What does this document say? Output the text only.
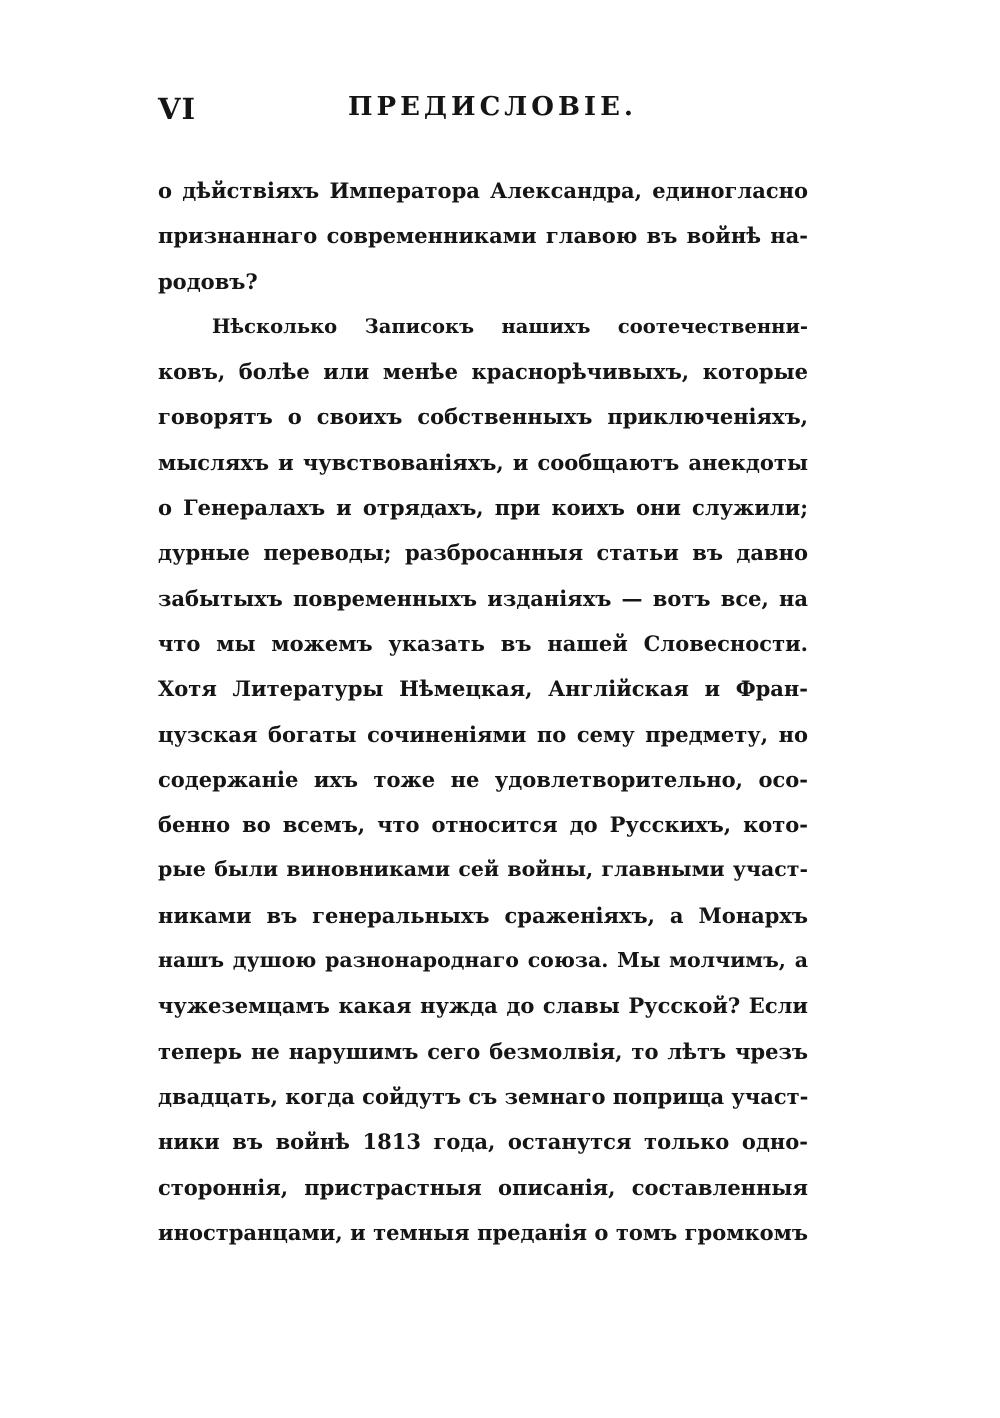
VI	ПРЕДИСЛОВІЕ.
о дѣйствіяхъ Императора Александра, единогласно
признаннаго современниками главою въ войнѣ на-
родовъ?
Нѣсколько Записокъ нашихъ соотечественни-
ковъ, болѣе или менѣе краснорѣчивыхъ, которые
говорятъ о своихъ собственныхъ приключеніяхъ,
мысляхъ и чувствованіяхъ, и сообщаютъ анекдоты
о Генералахъ и отрядахъ, при коихъ они служили;
дурные переводы; разбросанныя статьи въ давно
забытыхъ повременныхъ изданіяхъ — вотъ все, на
что мы можемъ указать въ нашей Словесности.
Хотя Литературы Нѣмецкая, Англійская и Фран-
цузская богаты сочиненіями по сему предмету, но
содержаніе ихъ тоже не удовлетворительно, осо-
бенно во всемъ, что относится до Русскихъ, кото-
рые были виновниками сей войны, главными участ-
никами въ генеральныхъ сраженіяхъ, а Монархъ
нашъ душою разнонароднаго союза. Мы молчимъ, а
чужеземцамъ какая нужда до славы Русской? Если
теперь не нарушимъ сего безмолвія, то лѣтъ чрезъ
двадцать, когда сойдутъ съ земнаго поприща участ-
ники въ войнѣ 1813 года, останутся только одно-
стороннія, пристрастныя описанія, составленныя
иностранцами, и темныя преданія о томъ громкомъ
